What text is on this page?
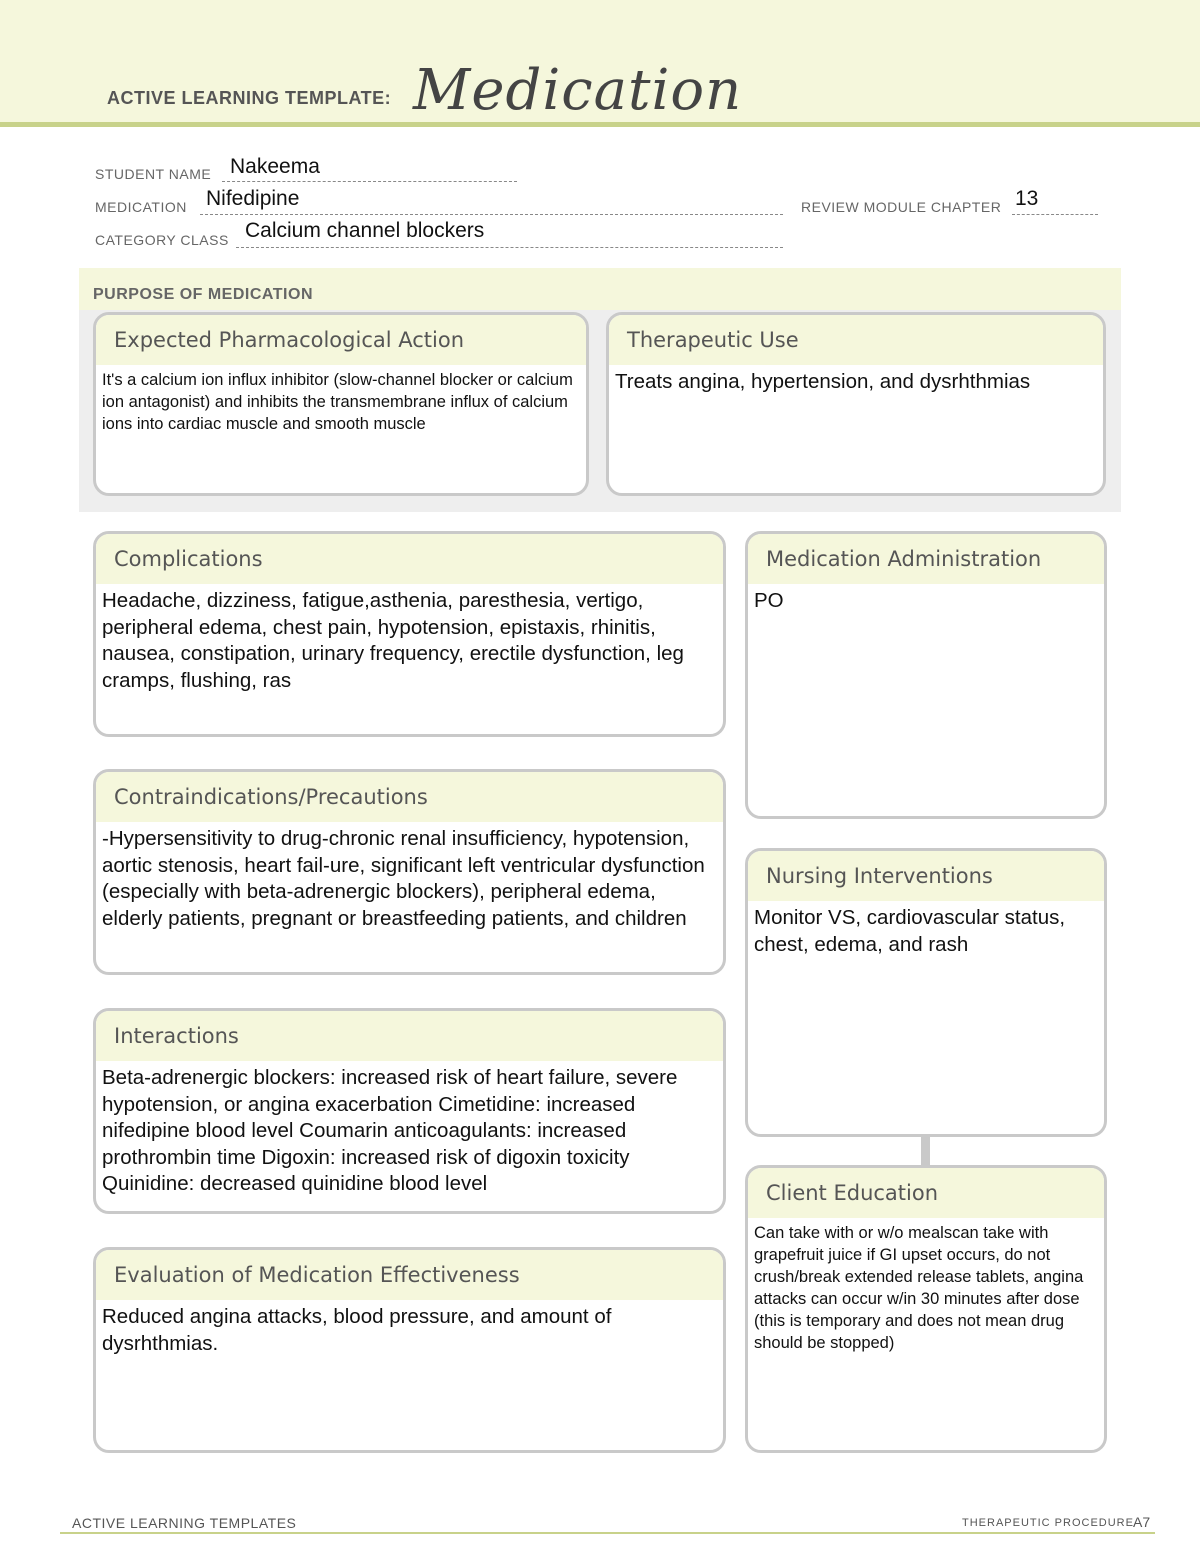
ACTIVE LEARNING TEMPLATE: Medication
STUDENT NAME Nakeema
MEDICATION Nifedipine	REVIEW MODULE CHAPTER 13
CATEGORY CLASS Calcium channel blockers
PURPOSE OF MEDICATION
Expected Pharmacological Action
It's a calcium ion influx inhibitor (slow-channel blocker or calcium ion antagonist) and inhibits the transmembrane influx of calcium ions into cardiac muscle and smooth muscle
Therapeutic Use
Treats angina, hypertension, and dysrhthmias
Complications
Headache, dizziness, fatigue,asthenia, paresthesia, vertigo, peripheral edema, chest pain, hypotension, epistaxis, rhinitis, nausea, constipation, urinary frequency, erectile dysfunction, leg cramps, flushing, ras
Contraindications/Precautions
-Hypersensitivity to drug-chronic renal insufficiency, hypotension, aortic stenosis, heart fail-ure, significant left ventricular dysfunction (especially with beta-adrenergic blockers), peripheral edema, elderly patients, pregnant or breastfeeding patients, and children
Interactions
Beta-adrenergic blockers: increased risk of heart failure, severe hypotension, or angina exacerbation Cimetidine: increased nifedipine blood level Coumarin anticoagulants: increased prothrombin time Digoxin: increased risk of digoxin toxicity Quinidine: decreased quinidine blood level
Evaluation of Medication Effectiveness
Reduced angina attacks, blood pressure, and amount of dysrhthmias.
Medication Administration
PO
Nursing Interventions
Monitor VS, cardiovascular status, chest, edema, and rash
Client Education
Can take with or w/o mealscan take with grapefruit juice if GI upset occurs, do not crush/break extended release tablets, angina attacks can occur w/in 30 minutes after dose (this is temporary and does not mean drug should be stopped)
ACTIVE LEARNING TEMPLATES	THERAPEUTIC PROCEDURE A7
